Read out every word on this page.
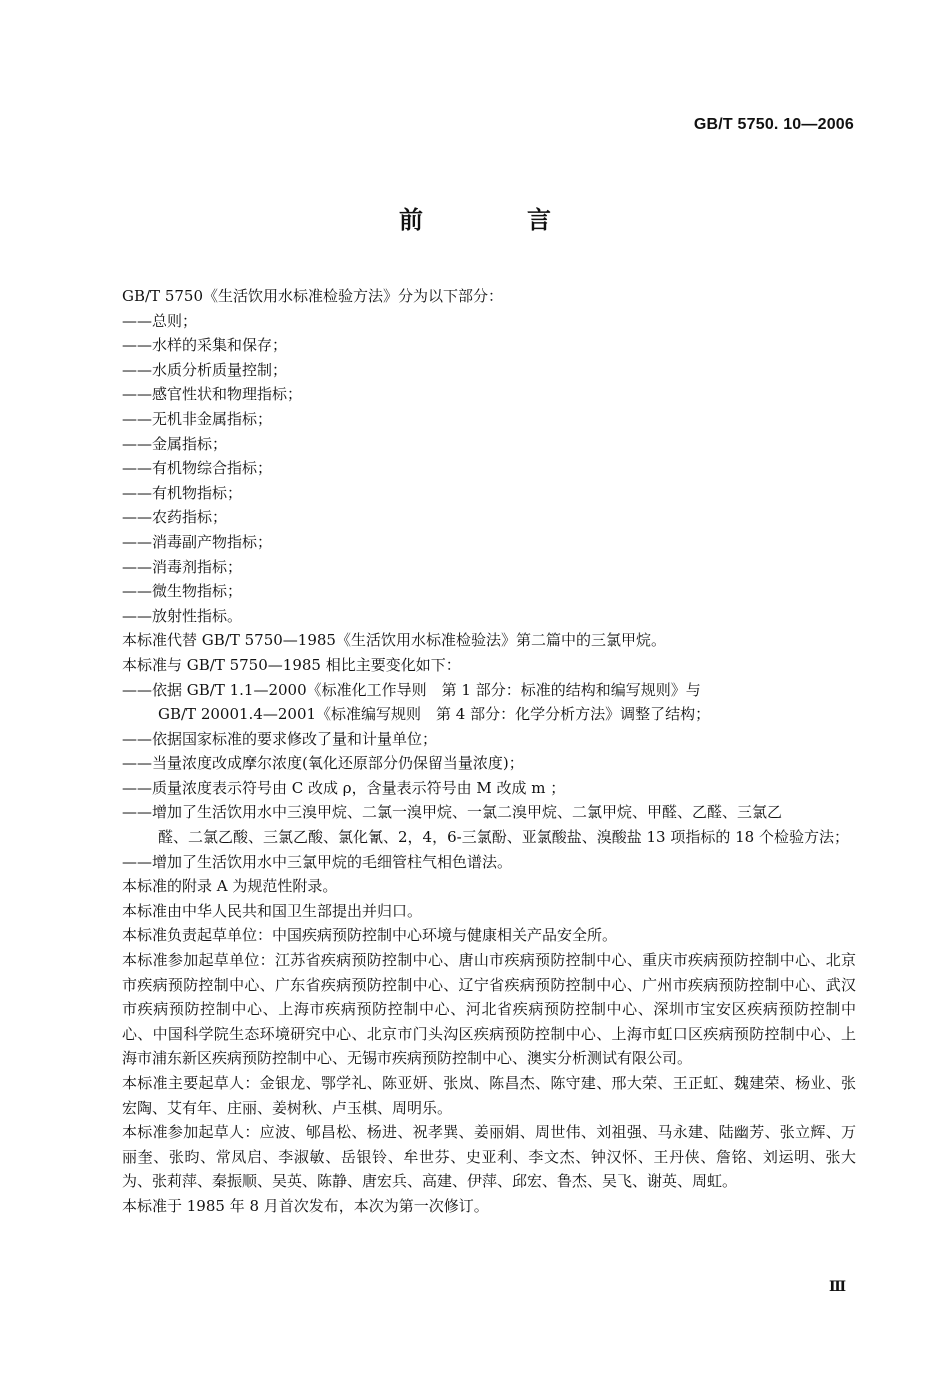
GB/T 5750. 10—2006
前　言

GB/T 5750《生活饮用水标准检验方法》分为以下部分：

——总则；

——水样的采集和保存；

——水质分析质量控制；

——感官性状和物理指标；

——无机非金属指标；

——金属指标；

——有机物综合指标；

——有机物指标；

——农药指标；

——消毒副产物指标；

——消毒剂指标；

——微生物指标；

——放射性指标。

本标准代替 GB/T 5750—1985《生活饮用水标准检验法》第二篇中的三氯甲烷。

本标准与 GB/T 5750—1985 相比主要变化如下：

——依据 GB/T 1.1—2000《标准化工作导则　第 1 部分：标准的结构和编写规则》与

GB/T 20001.4—2001《标准编写规则　第 4 部分：化学分析方法》调整了结构；

——依据国家标准的要求修改了量和计量单位；

——当量浓度改成摩尔浓度(氧化还原部分仍保留当量浓度)；

——质量浓度表示符号由 C 改成 ρ，含量表示符号由 M 改成 m ；

——增加了生活饮用水中三溴甲烷、二氯一溴甲烷、一氯二溴甲烷、二氯甲烷、甲醛、乙醛、三氯乙

醛、二氯乙酸、三氯乙酸、氯化氰、2，4，6-三氯酚、亚氯酸盐、溴酸盐 13 项指标的 18 个检验方法；

——增加了生活饮用水中三氯甲烷的毛细管柱气相色谱法。

本标准的附录 A 为规范性附录。

本标准由中华人民共和国卫生部提出并归口。

本标准负责起草单位：中国疾病预防控制中心环境与健康相关产品安全所。

本标准参加起草单位：江苏省疾病预防控制中心、唐山市疾病预防控制中心、重庆市疾病预防控制中心、北京市疾病预防控制中心、广东省疾病预防控制中心、辽宁省疾病预防控制中心、广州市疾病预防控制中心、武汉市疾病预防控制中心、上海市疾病预防控制中心、河北省疾病预防控制中心、深圳市宝安区疾病预防控制中心、中国科学院生态环境研究中心、北京市门头沟区疾病预防控制中心、上海市虹口区疾病预防控制中心、上海市浦东新区疾病预防控制中心、无锡市疾病预防控制中心、澳实分析测试有限公司。

本标准主要起草人：金银龙、鄂学礼、陈亚妍、张岚、陈昌杰、陈守建、邢大荣、王正虹、魏建荣、杨业、张宏陶、艾有年、庄丽、姜树秋、卢玉棋、周明乐。

本标准参加起草人：应波、郇昌松、杨进、祝孝巽、姜丽娟、周世伟、刘祖强、马永建、陆幽芳、张立辉、万丽奎、张昀、常凤启、李淑敏、岳银铃、牟世芬、史亚利、李文杰、钟汉怀、王丹侠、詹铭、刘运明、张大为、张莉萍、秦振顺、吴英、陈静、唐宏兵、高建、伊萍、邱宏、鲁杰、吴飞、谢英、周虹。

本标准于 1985 年 8 月首次发布，本次为第一次修订。

Ⅲ
